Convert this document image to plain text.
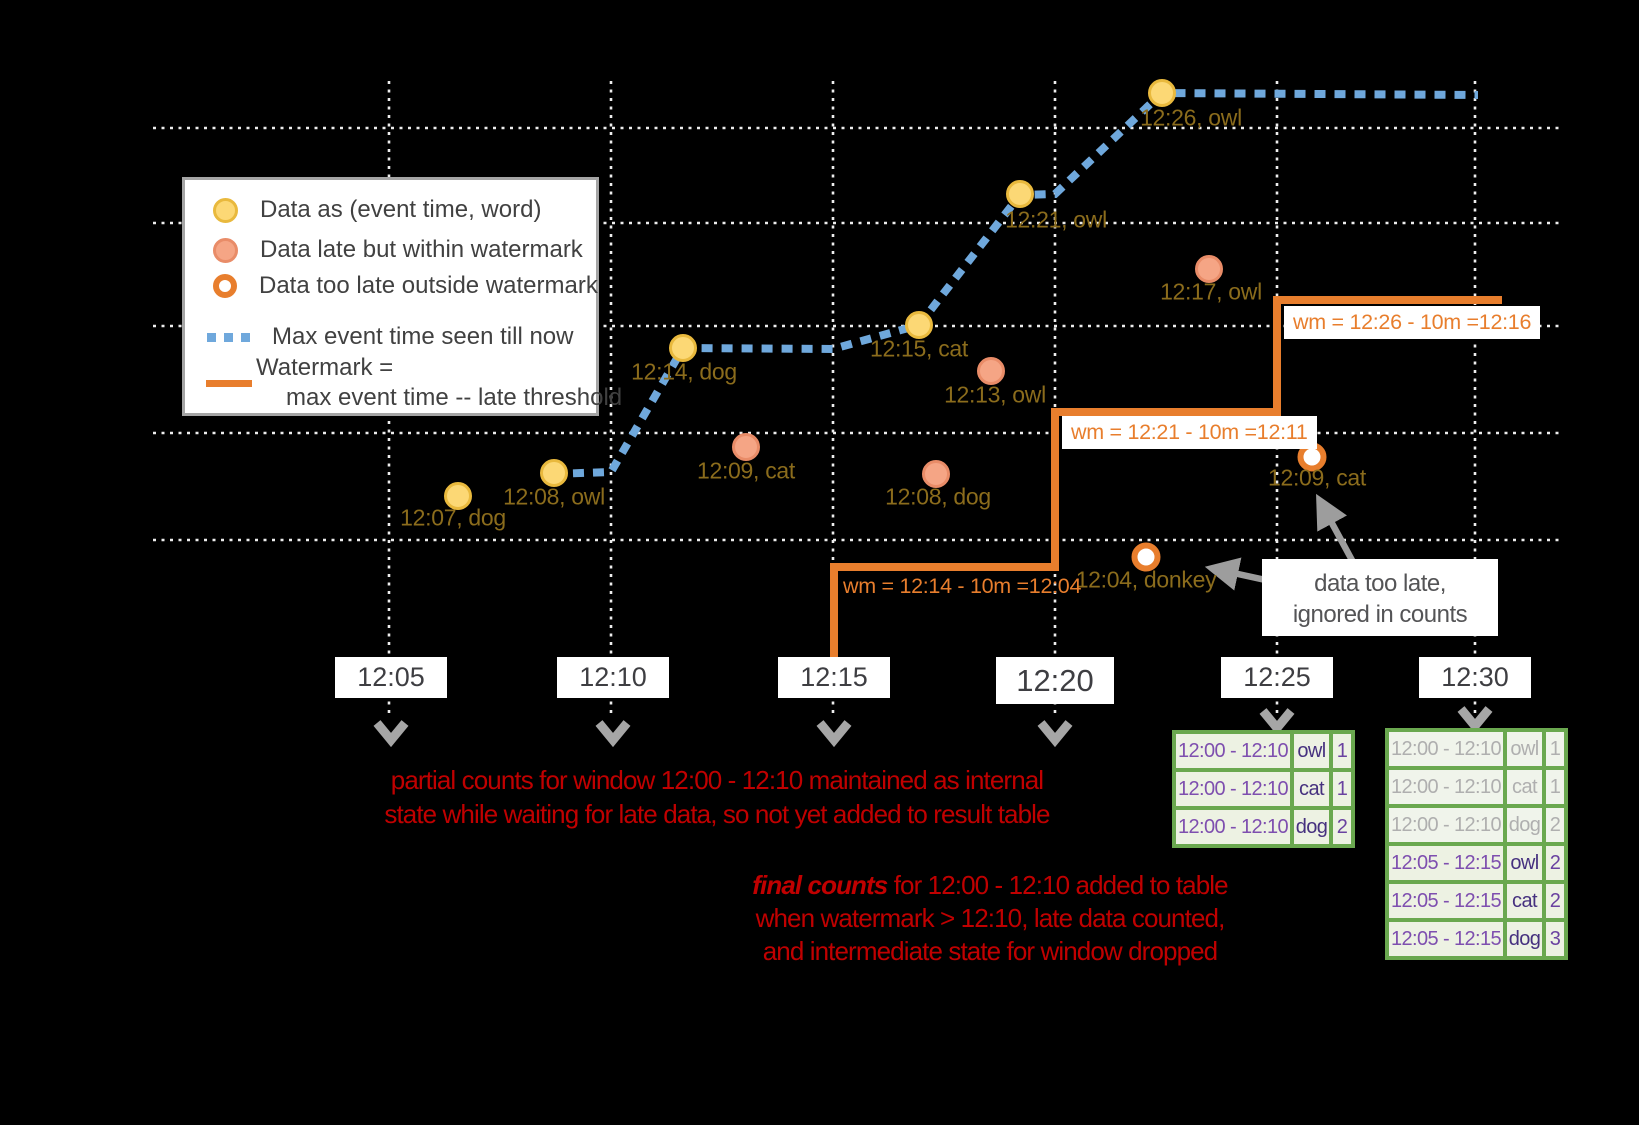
Data as (event time, word)
Data late but within watermark
Data too late outside watermark
Max event time seen till now
Watermark =
max event time -- late threshold
partial counts for window 12:00 - 12:10 maintained as internal
state while waiting for late data, so not yet added to result table
final counts for 12:00 - 12:10 added to table
when watermark > 12:10, late data counted,
and intermediate state for window dropped
data too late,
ignored in counts
12:07, dog
12:08, owl
12:14, dog
12:15, cat
12:21, owl
12:26, owl
12:09, cat
12:13, owl
12:08, dog
12:17, owl
12:04, donkey
12:09, cat
12:05	12:10	12:15	12:20	12:25	12:30
wm = 12:14 - 10m =12:04
wm = 12:21 - 10m =12:11
wm = 12:26 - 10m =12:16
12:00 - 12:10 owl 1
12:00 - 12:10 cat 1
12:00 - 12:10 dog 2
12:00 - 12:10 owl 1
12:00 - 12:10 cat 1
12:00 - 12:10 dog 2
12:05 - 12:15 owl 2
12:05 - 12:15 cat 2
12:05 - 12:15 dog 3
